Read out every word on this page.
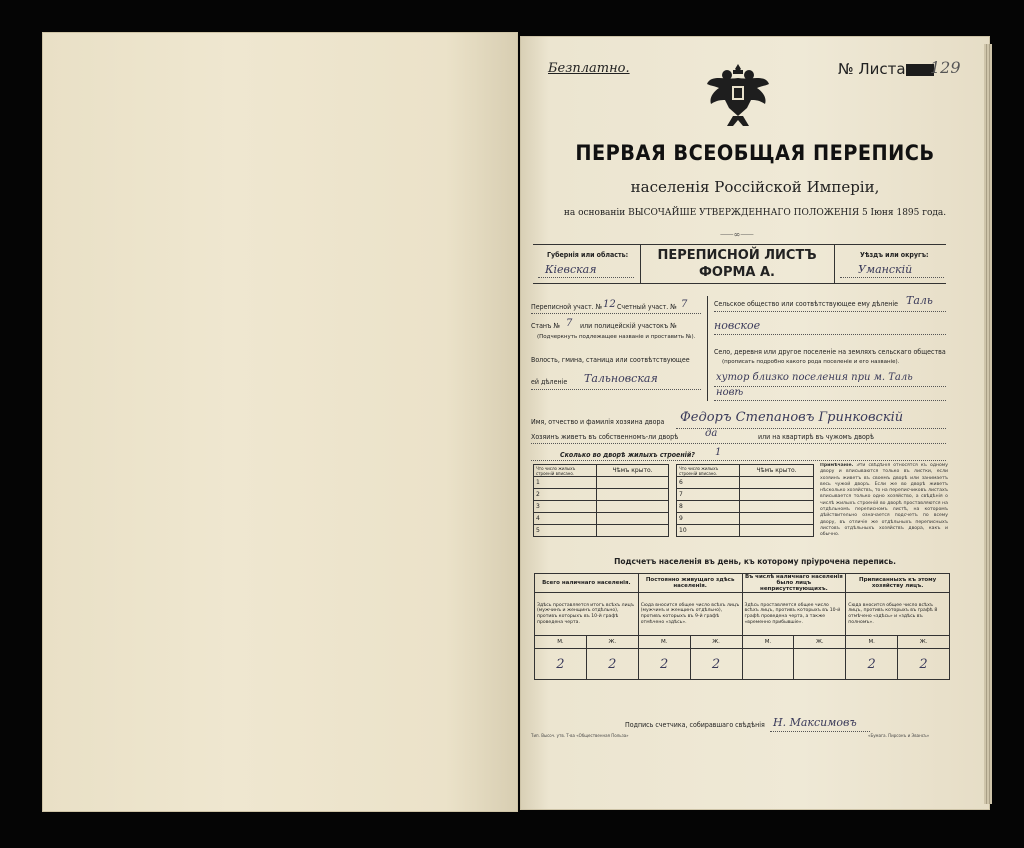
Безплатно.	№ Листа 129
ПЕРВАЯ ВСЕОБЩАЯ ПЕРЕПИСЬ
населенія Россійской Имперіи,
на основаніи ВЫСОЧАЙШЕ УТВЕРЖДЕННАГО ПОЛОЖЕНІЯ 5 Іюня 1895 года.
⸺∞⸺
Губернія или область:
Кіевская
ПЕРЕПИСНОЙ ЛИСТЪ
ФОРМА А.
Уѣздъ или округъ:
Уманскій
Переписной участ. № 12 Счетный участ. № 7
Станъ № 7 или полицейскій участокъ №
(Подчеркнуть подлежащее названіе и проставить №).
Волость, гмина, станица или соотвѣтствующее
ей дѣленіе Тальновская
Сельское общество или соотвѣтствующее ему дѣленіе Таль
новское
Село, деревня или другое поселеніе на земляхъ сельскаго общества
(прописать подробно какого рода поселеніе и его названіе).
хутор близко поселения при м. Таль
новѣ
Имя, отчество и фамилія хозяина двора Федоръ Степановъ Гринковскій
Хозяинъ живетъ въ собственномъ-ли дворѣ	да	или на квартирѣ въ чужомъ дворѣ
Сколько во дворѣ жилыхъ строеній? 1
Что число жилыхъ строеній вписано.	Чѣмъ крыто.
1	
2	
3	
4	
5	
Что число жилыхъ строеній вписано.	Чѣмъ крыто.
6	
7	
8	
9	
10	
Примѣчаніе. Эти свѣдѣнія относятся къ одному двору и вписываются только въ листки, если хозяинъ живетъ въ своемъ дворѣ или занимаетъ весь чужой дворъ. Если же во дворѣ живетъ нѣсколько хозяйствъ, то на переписчиковъ листахъ вписывается только одно хозяйство, а свѣдѣнія о числѣ жилыхъ строеній во дворѣ проставляются на отдѣльномъ переписномъ листѣ, на которомъ дѣйствительно означается подсчетъ по всему двору, въ отличіе же отдѣльныхъ переписныхъ листовъ отдѣльныхъ хозяйствъ двора, какъ и обычно.
Подсчетъ населенія въ день, къ которому пріурочена перепись.
Всего наличнаго населенія.		Постоянно живущаго здѣсь населенія.		Въ числѣ наличнаго населенія было лицъ неприсутствующихъ.		Приписанныхъ къ этому хозяйству лицъ.	
Здѣсь проставляется итогъ всѣхъ лицъ (мужчинъ и женщинъ отдѣльно), противъ которыхъ въ 10-й графѣ проведена черта.		Сюда вносится общее число всѣхъ лицъ (мужчинъ и женщинъ отдѣльно), противъ которыхъ въ 9-й графѣ отмѣчено «здѣсь».		Здѣсь проставляется общее число всѣхъ лицъ, противъ которыхъ въ 10-й графѣ проведена черта, а также «временно прибывшіе».		Сюда вносится общее число всѣхъ лицъ, противъ которыхъ въ графѣ 8 отмѣчено «здѣсь» и «здѣсь въ полномъ».	
М.	Ж.	М.	Ж.	М.	Ж.	М.	Ж.
2	2	2	2			2	2
Подпись счетчика, собиравшаго свѣдѣнія Н. Максимовъ
Тип. Высоч. утв. Т-ва «Общественная Польза»	«Бумага. Пирсонъ и Эвансъ»
